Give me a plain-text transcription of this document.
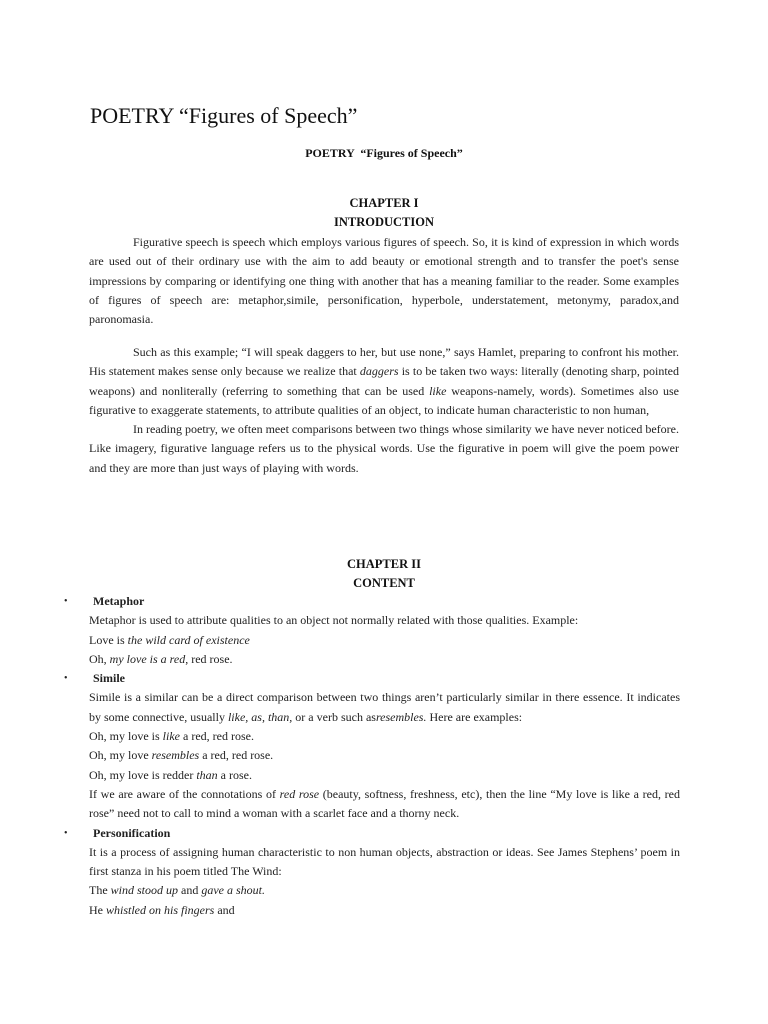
POETRY “Figures of Speech”
POETRY  “Figures of Speech”
CHAPTER I
INTRODUCTION

Figurative speech is speech which employs various figures of speech. So, it is kind of expression in which words are used out of their ordinary use with the aim to add beauty or emotional strength and to transfer the poet's sense impressions by comparing or identifying one thing with another that has a meaning familiar to the reader. Some examples of figures of speech are: metaphor,simile, personification, hyperbole, understatement, metonymy, paradox,and paronomasia.

Such as this example; “I will speak daggers to her, but use none,” says Hamlet, preparing to confront his mother. His statement makes sense only because we realize that daggers is to be taken two ways: literally (denoting sharp, pointed weapons) and nonliterally (referring to something that can be used like weapons-namely, words). Sometimes also use figurative to exaggerate statements, to attribute qualities of an object, to indicate human characteristic to non human,

In reading poetry, we often meet comparisons between two things whose similarity we have never noticed before. Like imagery, figurative language refers us to the physical words. Use the figurative in poem will give the poem power and they are more than just ways of playing with words.

CHAPTER II
CONTENT
•	Metaphor

Metaphor is used to attribute qualities to an object not normally related with those qualities. Example:

Love is the wild card of existence

Oh, my love is a red, red rose.

•	Simile

Simile is a similar can be a direct comparison between two things aren’t particularly similar in there essence. It indicates by some connective, usually like, as, than, or a verb such asresembles. Here are examples:

Oh, my love is like a red, red rose.

Oh, my love resembles a red, red rose.

Oh, my love is redder than a rose.

If we are aware of the connotations of red rose (beauty, softness, freshness, etc), then the line “My love is like a red, red rose” need not to call to mind a woman with a scarlet face and a thorny neck.

•	Personification

It is a process of assigning human characteristic to non human objects, abstraction or ideas. See James Stephens’ poem in first stanza in his poem titled The Wind:

The wind stood up and gave a shout.

He whistled on his fingers and
